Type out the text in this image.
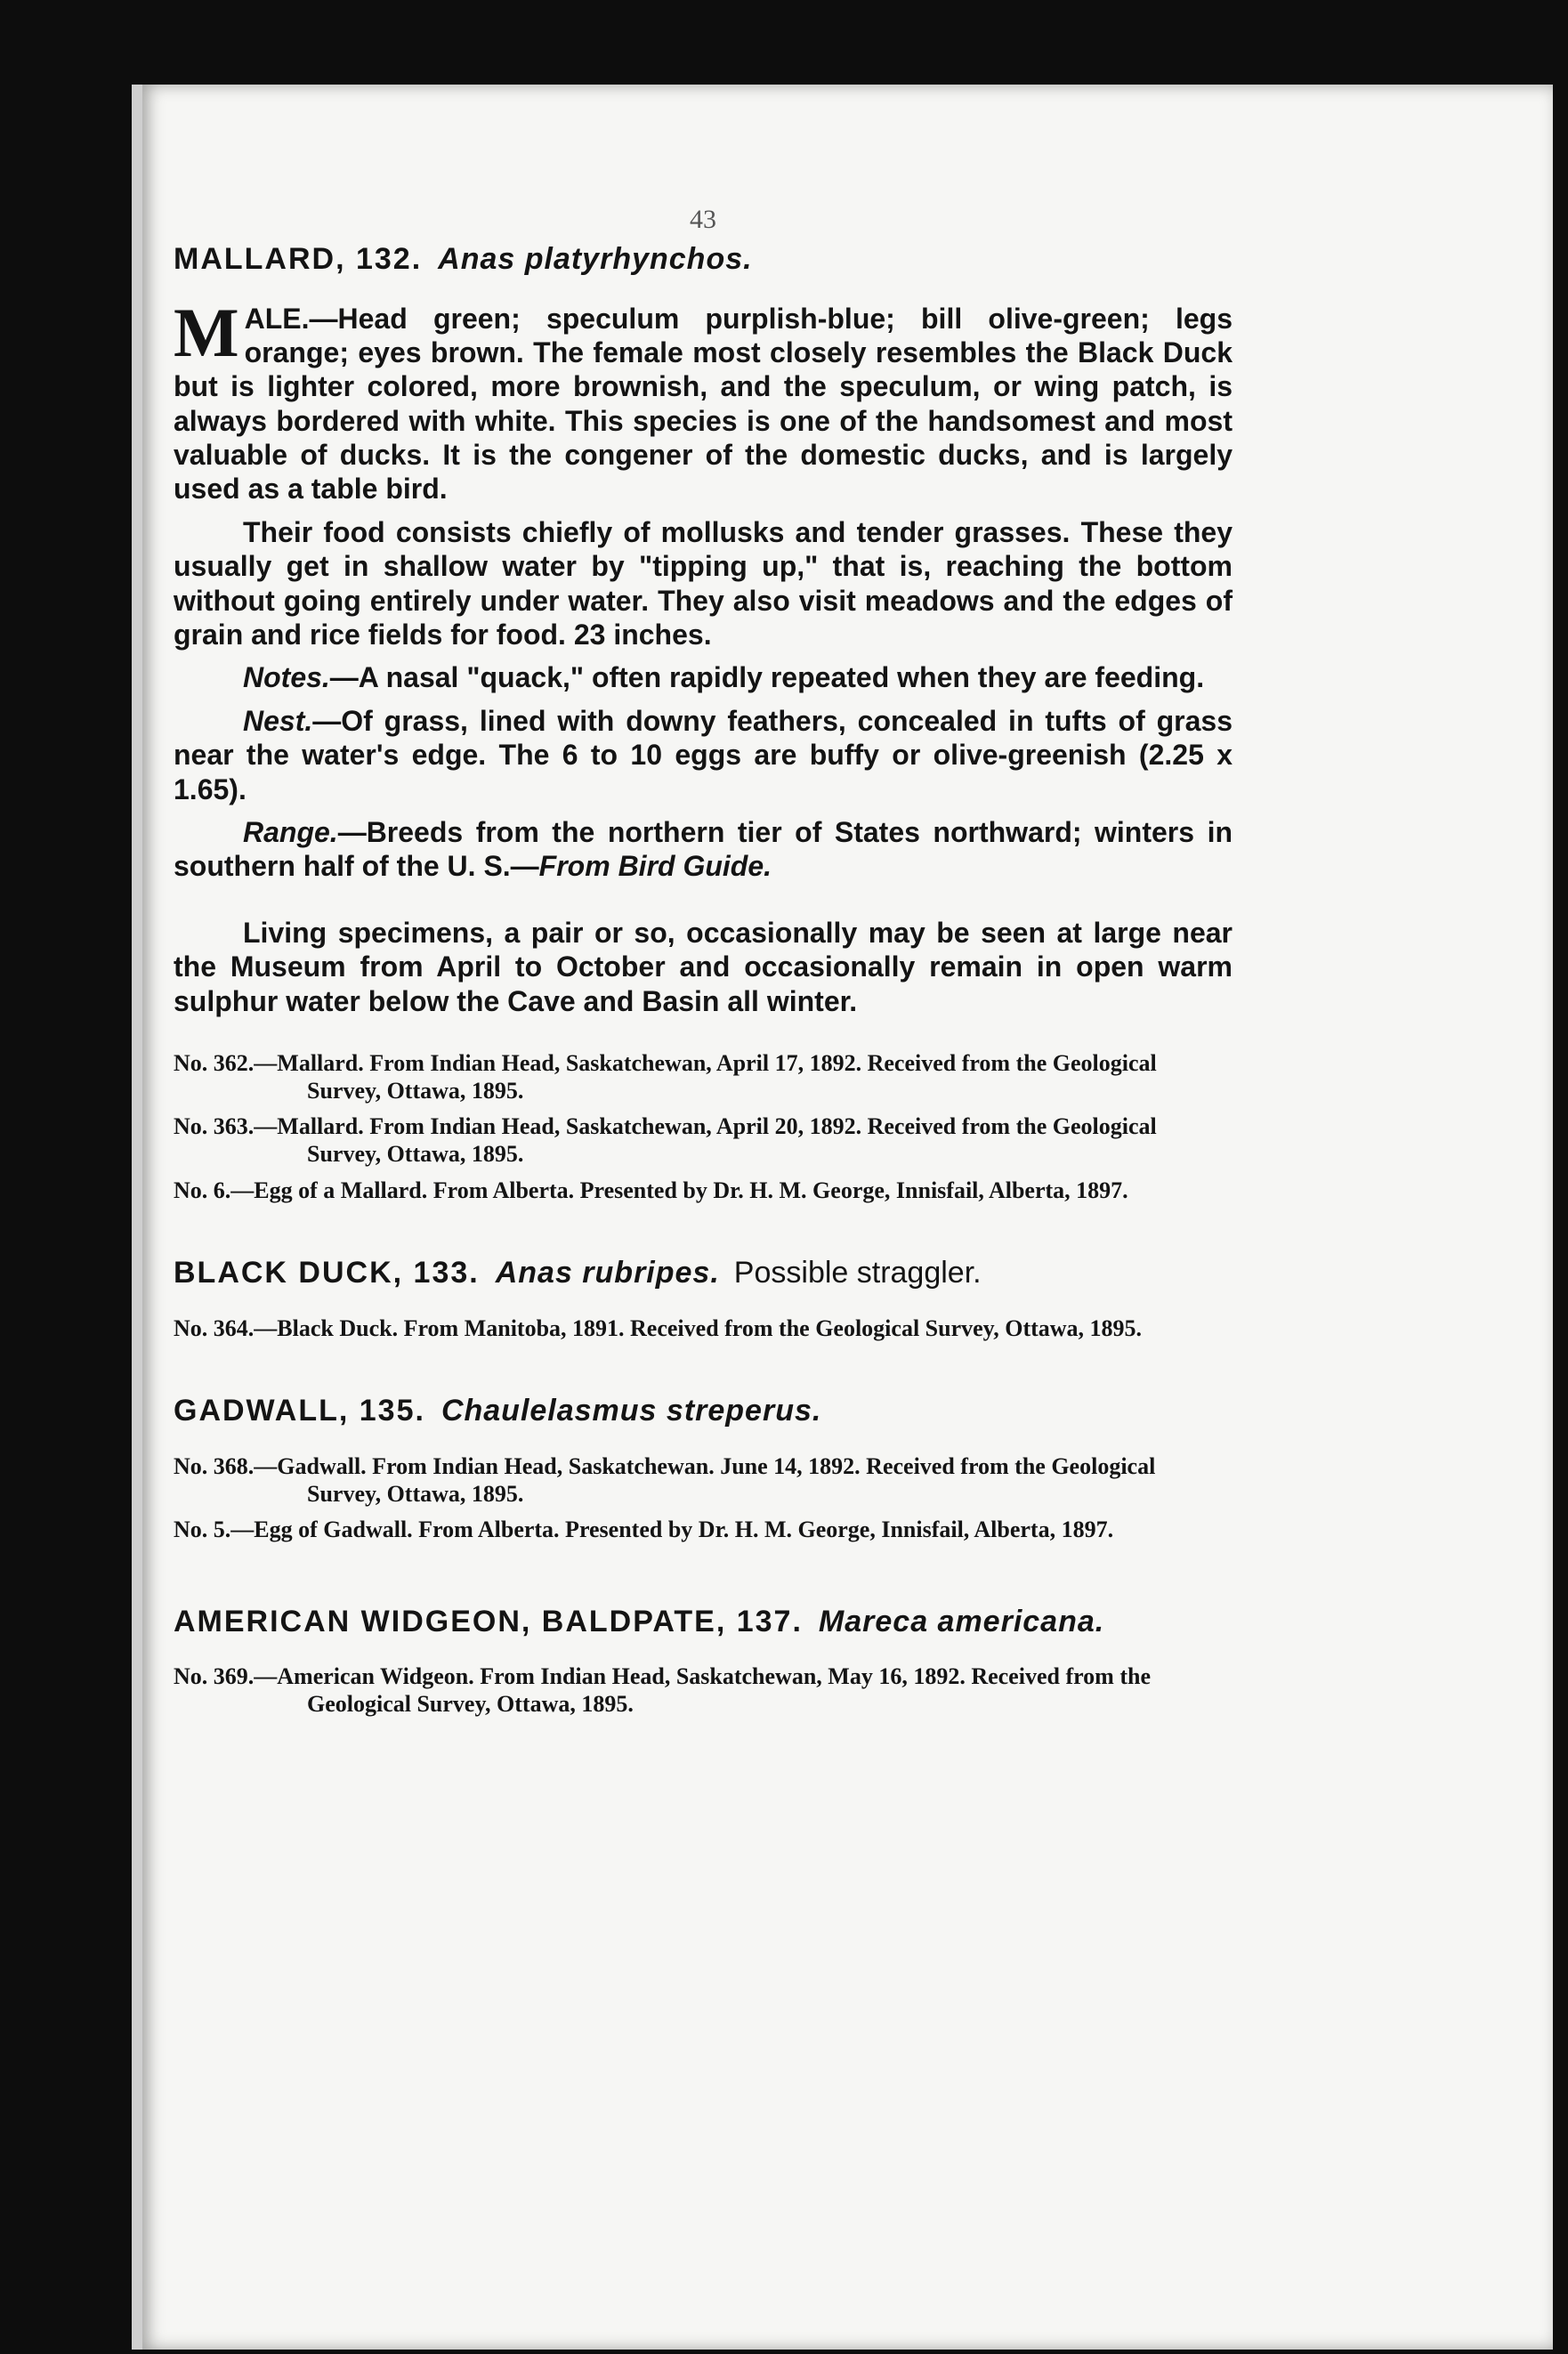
43
MALLARD, 132. Anas platyrhynchos.

MALE.—Head green; speculum purplish-blue; bill olive-green; legs orange; eyes brown. The female most closely resembles the Black Duck but is lighter colored, more brownish, and the speculum, or wing patch, is always bordered with white. This species is one of the handsomest and most valuable of ducks. It is the congener of the domestic ducks, and is largely used as a table bird.

Their food consists chiefly of mollusks and tender grasses. These they usually get in shallow water by "tipping up," that is, reaching the bottom without going entirely under water. They also visit meadows and the edges of grain and rice fields for food. 23 inches.

Notes.—A nasal "quack," often rapidly repeated when they are feeding.

Nest.—Of grass, lined with downy feathers, concealed in tufts of grass near the water's edge. The 6 to 10 eggs are buffy or olive-greenish (2.25 x 1.65).

Range.—Breeds from the northern tier of States northward; winters in southern half of the U. S.—From Bird Guide.

Living specimens, a pair or so, occasionally may be seen at large near the Museum from April to October and occasionally remain in open warm sulphur water below the Cave and Basin all winter.

No. 362.—Mallard. From Indian Head, Saskatchewan, April 17, 1892. Received from the Geological Survey, Ottawa, 1895.

No. 363.—Mallard. From Indian Head, Saskatchewan, April 20, 1892. Received from the Geological Survey, Ottawa, 1895.

No. 6.—Egg of a Mallard. From Alberta. Presented by Dr. H. M. George, Innisfail, Alberta, 1897.

BLACK DUCK, 133. Anas rubripes. Possible straggler.

No. 364.—Black Duck. From Manitoba, 1891. Received from the Geological Survey, Ottawa, 1895.

GADWALL, 135. Chaulelasmus streperus.

No. 368.—Gadwall. From Indian Head, Saskatchewan. June 14, 1892. Received from the Geological Survey, Ottawa, 1895.

No. 5.—Egg of Gadwall. From Alberta. Presented by Dr. H. M. George, Innisfail, Alberta, 1897.

AMERICAN WIDGEON, BALDPATE, 137. Mareca americana.

No. 369.—American Widgeon. From Indian Head, Saskatchewan, May 16, 1892. Received from the Geological Survey, Ottawa, 1895.
